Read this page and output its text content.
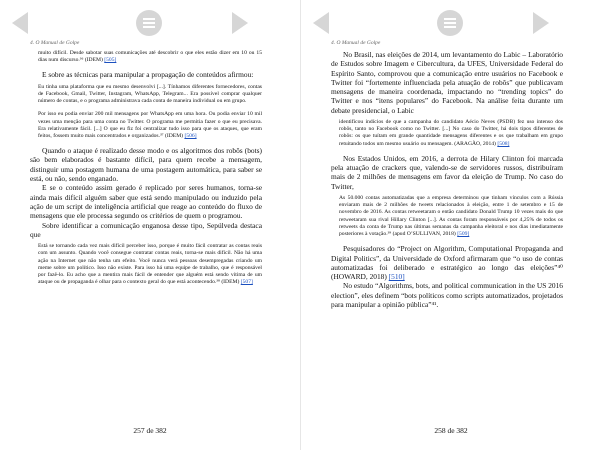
4. O Manual de Golpe
muito difícil. Desde sabotar suas comunicações até descobrir o que eles estão dizer em 10 ou 15 dias num discurso.³⁶ (IDEM) [505]

E sobre as técnicas para manipular a propagação de conteúdos afirmou:

Eu tinha uma plataforma que eu mesmo desenvolvi [...]. Tínhamos diferentes fornecedores, contas de Facebook, Gmail, Twitter, Instagram, WhatsApp, Telegram... Era possível comprar qualquer número de contas, e o programa administrava cada conta de maneira individual ou em grupo.
Por isso eu podia enviar 200 mil mensagens por WhatsApp em uma hora. Ou podia enviar 10 mil vezes uma menção para uma conta no Twitter. O programa me permitia fazer o que eu precisava. Era relativamente fácil. [...] O que eu fiz foi centralizar tudo isso para que os ataques, que eram feitos, fossem muito mais concentrados e organizados.³⁷ (IDEM) [506]

Quando o ataque é realizado desse modo e os algoritmos dos robôs (bots) são bem elaborados é bastante difícil, para quem recebe a mensagem, distinguir uma postagem humana de uma postagem automática, para saber se está, ou não, sendo enganado.

E se o conteúdo assim gerado é replicado por seres humanos, torna-se ainda mais difícil alguém saber que está sendo manipulado ou induzido pela ação de um script de inteligência artificial que reage ao conteúdo do fluxo de mensagens que ele processa segundo os critérios de quem o programou.

Sobre identificar a comunicação enganosa desse tipo, Sepúlveda destaca que

Está se tornando cada vez mais difícil perceber isso, porque é muito fácil contratar as contas reais com um assunto. Quando você consegue contratar contas reais, torna-se mais difícil. Não há uma ação na Internet que não tenha um efeito. Você nunca verá pessoas desempregadas criando um meme sobre um político. Isso não existe. Para isso há uma equipe de trabalho, que é responsável por fazê-lo. Eu acho que a mentira mais fácil de entender que alguém está sendo vítima de um ataque ou de propaganda é olhar para o contexto geral do que está acontecendo.³⁸ (IDEM) [507]
257 de 382
4. O Manual de Golpe

No Brasil, nas eleições de 2014, um levantamento do Labic – Laboratório de Estudos sobre Imagem e Cibercultura, da UFES, Universidade Federal do Espírito Santo, comprovou que a comunicação entre usuários no Facebook e Twitter foi “fortemente influenciada pela atuação de robôs” que publicavam mensagens de maneira coordenada, impactando no “trending topics” do Twitter e nos “itens populares” do Facebook. Na análise feita durante um debate presidencial, o Labic

identificou indícios de que a campanha do candidato Aécio Neves (PSDB) fez uso intenso dos robôs, tanto no Facebook como no Twitter. [...] No caso do Twitter, há dois tipos diferentes de robôs: os que tuítam em grande quantidade mensagens diferentes e os que trabalham em grupo retuitando todos um mesmo usuário ou mensagem. (ARAGÃO, 2014) [508]

Nos Estados Unidos, em 2016, a derrota de Hilary Clinton foi marcada pela atuação de crackers que, valendo-se de servidores russos, distribuíram mais de 2 milhões de mensagens em favor da eleição de Trump. No caso do Twitter,

As 50.000 contas automatizadas que a empresa determinou que tinham vínculos com a Rússia enviaram mais de 2 milhões de tweets relacionados à eleição, entre 1 de setembro e 15 de novembro de 2016. As contas retweetaram o então candidato Donald Trump 10 vezes mais do que retweetaram sua rival Hillary Clinton [...]. As contas foram responsáveis por 4,25% de todos os retweets da conta de Trump nas últimas semanas da campanha eleitoral e nos dias imediatamente posteriores à votação.³⁹ (apud O’SULLIVAN, 2018) [509]

Pesquisadores do “Project on Algorithm, Computational Propaganda and Digital Politics”, da Universidade de Oxford afirmaram que “o uso de contas automatizadas foi deliberado e estratégico ao longo das eleições”⁴⁰ (HOWARD, 2018) [510]

No estudo “Algorithms, bots, and political communication in the US 2016 election”, eles definem “bots políticos como scripts automatizados, projetados para manipular a opinião pública”⁴¹.

258 de 382
